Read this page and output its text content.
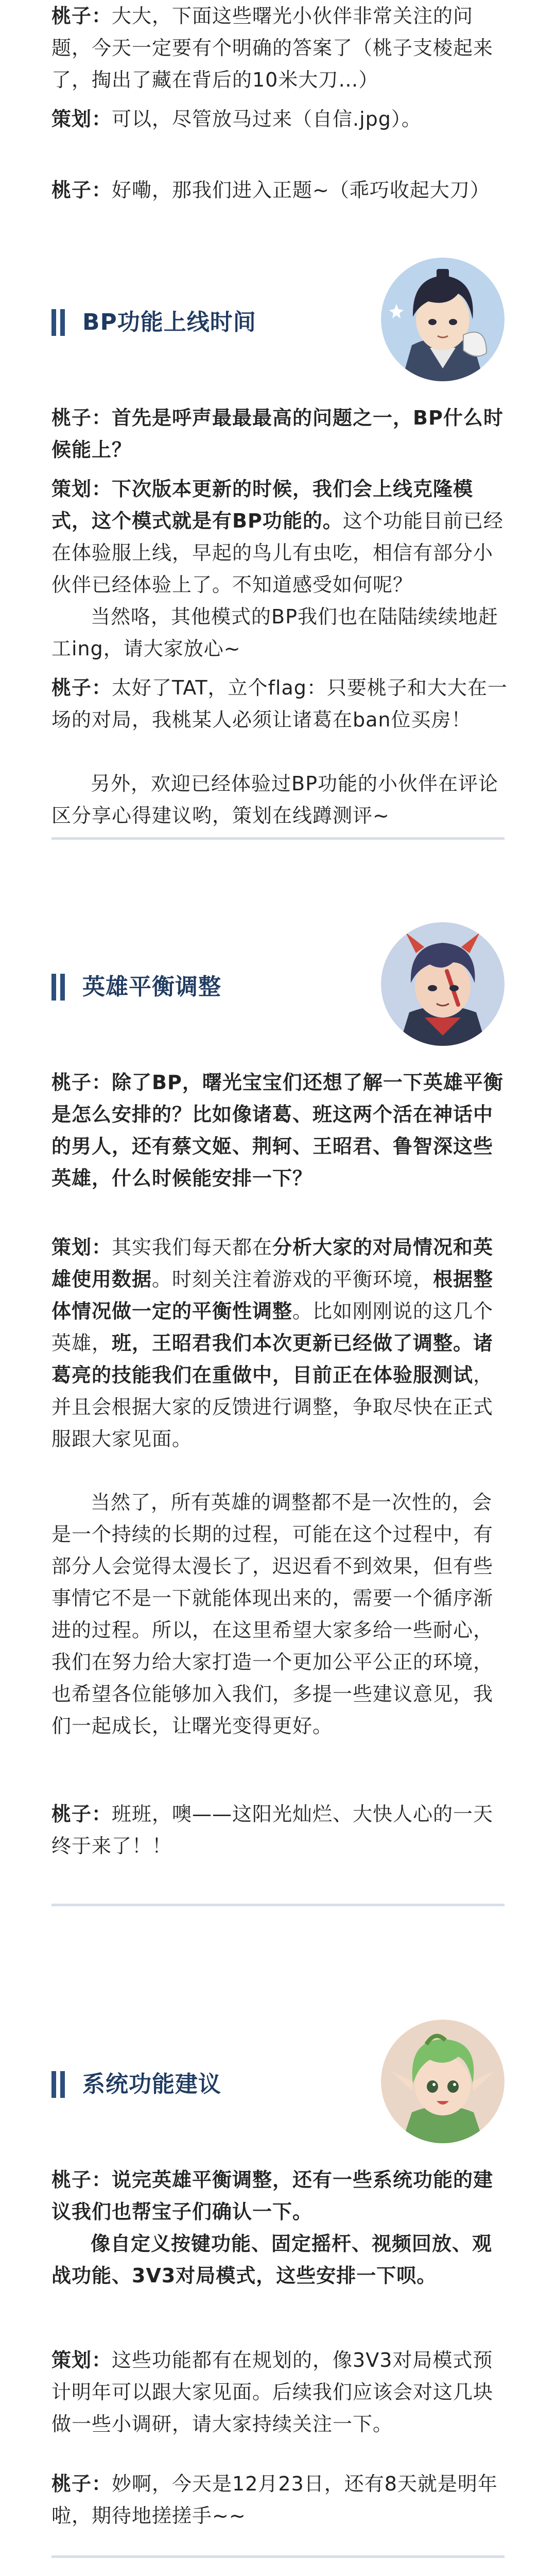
桃子：大大，下面这些曙光小伙伴非常关注的问题，今天一定要有个明确的答案了（桃子支棱起来了，掏出了藏在背后的10米大刀…）

策划：可以，尽管放马过来（自信.jpg）。

桃子：好嘞，那我们进入正题~（乖巧收起大刀）

BP功能上线时间

桃子：首先是呼声最最最高的问题之一，BP什么时候能上？

策划：下次版本更新的时候，我们会上线克隆模式，这个模式就是有BP功能的。这个功能目前已经在体验服上线，早起的鸟儿有虫吃，相信有部分小伙伴已经体验上了。不知道感受如何呢？

当然咯，其他模式的BP我们也在陆陆续续地赶工ing，请大家放心~

桃子：太好了TAT，立个flag：只要桃子和大大在一场的对局，我桃某人必须让诸葛在ban位买房！

另外，欢迎已经体验过BP功能的小伙伴在评论区分享心得建议哟，策划在线蹲测评~

英雄平衡调整

桃子：除了BP，曙光宝宝们还想了解一下英雄平衡是怎么安排的？比如像诸葛、班这两个活在神话中的男人，还有蔡文姬、荆轲、王昭君、鲁智深这些英雄，什么时候能安排一下？

策划：其实我们每天都在分析大家的对局情况和英雄使用数据。时刻关注着游戏的平衡环境，根据整体情况做一定的平衡性调整。比如刚刚说的这几个英雄，班，王昭君我们本次更新已经做了调整。诸葛亮的技能我们在重做中，目前正在体验服测试，并且会根据大家的反馈进行调整，争取尽快在正式服跟大家见面。

当然了，所有英雄的调整都不是一次性的，会是一个持续的长期的过程，可能在这个过程中，有部分人会觉得太漫长了，迟迟看不到效果，但有些事情它不是一下就能体现出来的，需要一个循序渐进的过程。所以，在这里希望大家多给一些耐心，我们在努力给大家打造一个更加公平公正的环境，也希望各位能够加入我们，多提一些建议意见，我们一起成长，让曙光变得更好。

桃子：班班，噢——这阳光灿烂、大快人心的一天终于来了！！

系统功能建议

桃子：说完英雄平衡调整，还有一些系统功能的建议我们也帮宝子们确认一下。

像自定义按键功能、固定摇杆、视频回放、观战功能、3V3对局模式，这些安排一下呗。

策划：这些功能都有在规划的，像3V3对局模式预计明年可以跟大家见面。后续我们应该会对这几块做一些小调研，请大家持续关注一下。

桃子：妙啊，今天是12月23日，还有8天就是明年啦，期待地搓搓手~~
